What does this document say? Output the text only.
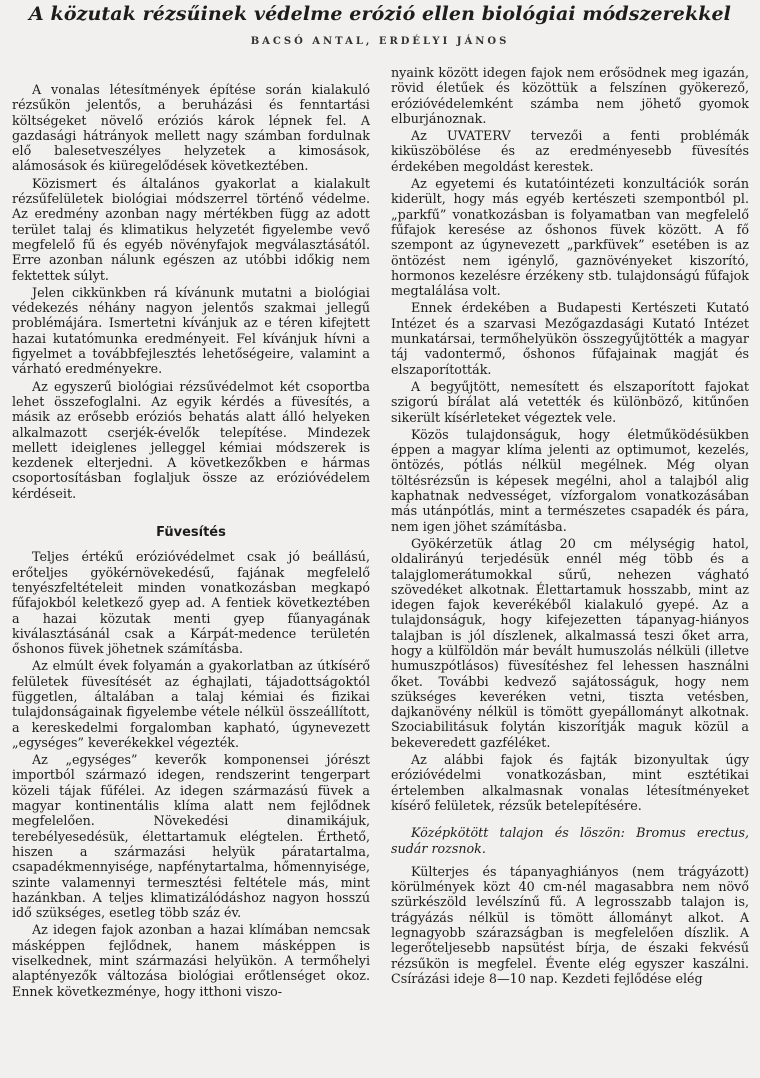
A közutak rézsűinek védelme erózió ellen biológiai módszerekkel
BACSÓ ANTAL, ERDÉLYI JÁNOS

A vonalas létesítmények építése során kialakuló rézsűkön jelentős, a beruházási és fenntartási költségeket növelő eróziós károk lépnek fel. A gazdasági hátrányok mellett nagy számban fordulnak elő balesetveszélyes helyzetek a kimosások, alámosások és kiüregelődések következtében.

Közismert és általános gyakorlat a kialakult rézsűfelületek biológiai módszerrel történő védelme. Az eredmény azonban nagy mértékben függ az adott terület talaj és klimatikus helyzetét figyelembe vevő megfelelő fű és egyéb növényfajok megválasztásától. Erre azonban nálunk egészen az utóbbi időkig nem fektettek súlyt.

Jelen cikkünkben rá kívánunk mutatni a biológiai védekezés néhány nagyon jelentős szakmai jellegű problémájára. Ismertetni kívánjuk az e téren kifejtett hazai kutatómunka eredményeit. Fel kívánjuk hívni a figyelmet a továbbfejlesztés lehetőségeire, valamint a várható eredményekre.

Az egyszerű biológiai rézsűvédelmot két csoportba lehet összefoglalni. Az egyik kérdés a füvesítés, a másik az erősebb eróziós behatás alatt álló helyeken alkalmazott cserjék-évelők telepítése. Mindezek mellett ideiglenes jelleggel kémiai módszerek is kezdenek elterjedni. A következőkben e hármas csoportosításban foglaljuk össze az erózióvédelem kérdéseit.

Füvesítés

Teljes értékű erózióvédelmet csak jó beállású, erőteljes gyökérnövekedésű, fajának megfelelő tenyészfeltételeit minden vonatkozásban megkapó fűfajokból keletkező gyep ad. A fentiek következtében a hazai közutak menti gyep fűanyagának kiválasztásánál csak a Kárpát-medence területén őshonos füvek jöhetnek számításba.

Az elmúlt évek folyamán a gyakorlatban az útkísérő felületek füvesítését az éghajlati, tájadottságoktól független, általában a talaj kémiai és fizikai tulajdonságainak figyelembe vétele nélkül összeállított, a kereskedelmi forgalomban kapható, úgynevezett „egységes” keverékekkel végezték.

Az „egységes” keverők komponensei jórészt importból származó idegen, rendszerint tengerpart közeli tájak fűfélei. Az idegen származású füvek a magyar kontinentális klíma alatt nem fejlődnek megfelelően. Növekedési dinamikájuk, terebélyesedésük, élettartamuk elégtelen. Érthető, hiszen a származási helyük páratartalma, csapadékmennyisége, napfénytartalma, hőmennyisége, szinte valamennyi termesztési feltétele más, mint hazánkban. A teljes klimatizálódáshoz nagyon hosszú idő szükséges, esetleg több száz év.

Az idegen fajok azonban a hazai klímában nemcsak másképpen fejlődnek, hanem másképpen is viselkednek, mint származási helyükön. A termőhelyi alaptényezők változása biológiai erőtlenséget okoz. Ennek következménye, hogy itthoni viszo-

nyaink között idegen fajok nem erősödnek meg igazán, rövid életűek és közöttük a felszínen gyökerező, erózióvédelemként számba nem jöhető gyomok elburjánoznak.

Az UVATERV tervezői a fenti problémák kiküszöbölése és az eredményesebb füvesítés érdekében megoldást kerestek.

Az egyetemi és kutatóintézeti konzultációk során kiderült, hogy más egyéb kertészeti szempontból pl. „parkfű” vonatkozásban is folyamatban van megfelelő fűfajok keresése az őshonos füvek között. A fő szempont az úgynevezett „parkfüvek” esetében is az öntözést nem igénylő, gaznövényeket kiszorító, hormonos kezelésre érzékeny stb. tulajdonságú fűfajok megtalálása volt.

Ennek érdekében a Budapesti Kertészeti Kutató Intézet és a szarvasi Mezőgazdasági Kutató Intézet munkatársai, termőhelyükön összegyűjtötték a magyar táj vadontermő, őshonos fűfajainak magját és elszaporították.

A begyűjtött, nemesített és elszaporított fajokat szigorú bírálat alá vetették és különböző, kitűnően sikerült kísérleteket végeztek vele.

Közös tulajdonságuk, hogy életműködésükben éppen a magyar klíma jelenti az optimumot, kezelés, öntözés, pótlás nélkül megélnek. Még olyan töltésrézsűn is képesek megélni, ahol a talajból alig kaphatnak nedvességet, vízforgalom vonatkozásában más utánpótlás, mint a természetes csapadék és pára, nem igen jöhet számításba.

Gyökérzetük átlag 20 cm mélységig hatol, oldalirányú terjedésük ennél még több és a talajglomerátumokkal sűrű, nehezen vágható szövedéket alkotnak. Élettartamuk hosszabb, mint az idegen fajok keverékéből kialakuló gyepé. Az a tulajdonságuk, hogy kifejezetten tápanyag-hiányos talajban is jól díszlenek, alkalmassá teszi őket arra, hogy a külföldön már bevált humuszolás nélküli (illetve humuszpótlásos) füvesítéshez fel lehessen használni őket. További kedvező sajátosságuk, hogy nem szükséges keveréken vetni, tiszta vetésben, dajkanövény nélkül is tömött gyepállományt alkotnak. Szociabilitásuk folytán kiszorítják maguk közül a bekeveredett gazféléket.

Az alábbi fajok és fajták bizonyultak úgy erózióvédelmi vonatkozásban, mint esztétikai értelemben alkalmasnak vonalas létesítményeket kísérő felületek, rézsűk betelepítésére.

Középkötött talajon és löszön: Bromus erectus, sudár rozsnok.

Külterjes és tápanyaghiányos (nem trágyázott) körülmények közt 40 cm-nél magasabbra nem növő szürkészöld levélszínű fű. A legrosszabb talajon is, trágyázás nélkül is tömött állományt alkot. A legnagyobb szárazságban is megfelelően díszlik. A legerőteljesebb napsütést bírja, de északi fekvésű rézsűkön is megfelel. Évente elég egyszer kaszálni. Csírázási ideje 8—10 nap. Kezdeti fejlődése elég
